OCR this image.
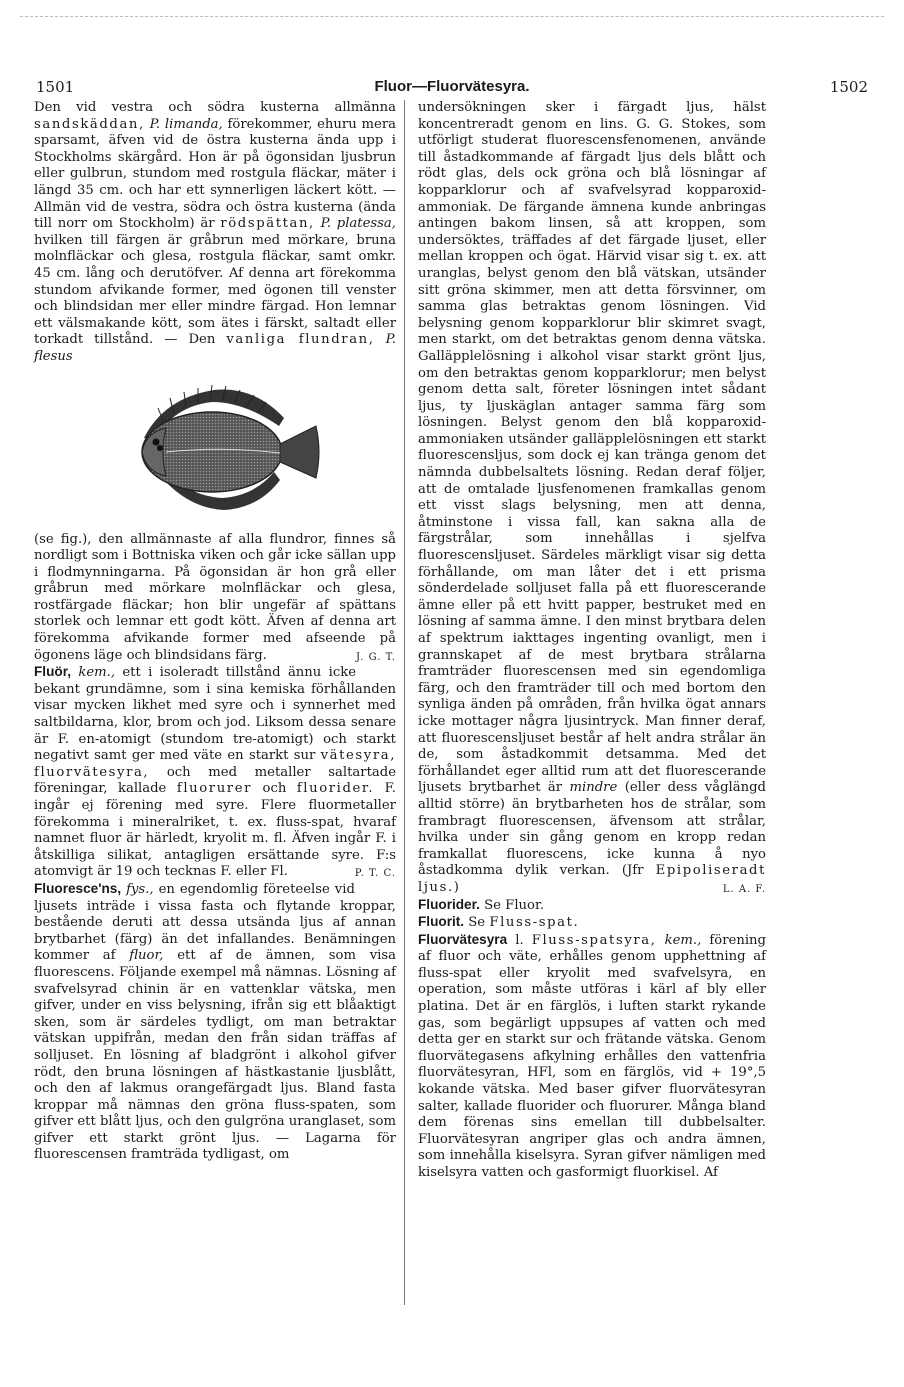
1501	Fluor—Fluorvätesyra.	1502

Den vid vestra och södra kusterna allmänna sandskäddan, P. limanda, förekommer, ehuru mera sparsamt, äfven vid de östra kusterna ända upp i Stockholms skärgård. Hon är på ögonsidan ljusbrun eller gulbrun, stundom med rostgula fläckar, mäter i längd 35 cm. och har ett synnerligen läckert kött. — Allmän vid de vestra, södra och östra kusterna (ända till norr om Stockholm) är rödspättan, P. platessa, hvilken till färgen är gråbrun med mörkare, bruna molnfläckar och glesa, rostgula fläckar, samt omkr. 45 cm. lång och derutöfver. Af denna art förekomma stundom afvikande former, med ögonen till venster och blindsidan mer eller mindre färgad. Hon lemnar ett välsmakande kött, som ätes i färskt, saltadt eller torkadt tillstånd. — Den vanliga flundran, P. flesus

(se fig.), den allmännaste af alla flundror, finnes så nordligt som i Bottniska viken och går icke sällan upp i flodmynningarna. På ögonsidan är hon grå eller gråbrun med mörkare molnfläckar och glesa, rostfärgade fläckar; hon blir ungefär af spättans storlek och lemnar ett godt kött. Äfven af denna art förekomma afvikande former med afseende på ögonens läge och blindsidans färg.	J. G. T.

Fluör, kem., ett i isoleradt tillstånd ännu icke bekant grundämne, som i sina kemiska förhållanden visar mycken likhet med syre och i synnerhet med saltbildarna, klor, brom och jod. Liksom dessa senare är F. en-atomigt (stundom tre-atomigt) och starkt negativt samt ger med väte en starkt sur vätesyra, fluorvätesyra, och med metaller saltartade föreningar, kallade fluorurer och fluorider. F. ingår ej förening med syre. Flere fluormetaller förekomma i mineralriket, t. ex. fluss-spat, hvaraf namnet fluor är härledt, kryolit m. fl. Äfven ingår F. i åtskilliga silikat, antagligen ersättande syre. F:s atomvigt är 19 och tecknas F. eller Fl.	P. T. C.

Fluoresce'ns, fys., en egendomlig företeelse vid ljusets inträde i vissa fasta och flytande kroppar, bestående deruti att dessa utsända ljus af annan brytbarhet (färg) än det infallandes. Benämningen kommer af fluor, ett af de ämnen, som visa fluorescens. Följande exempel må nämnas. Lösning af svafvelsyrad chinin är en vattenklar vätska, men gifver, under en viss belysning, ifrån sig ett blåaktigt sken, som är särdeles tydligt, om man betraktar vätskan uppifrån, medan den från sidan träffas af solljuset. En lösning af bladgrönt i alkohol gifver rödt, den bruna lösningen af hästkastanie ljusblått, och den af lakmus orangefärgadt ljus. Bland fasta kroppar må nämnas den gröna fluss-spaten, som gifver ett blått ljus, och den gulgröna uranglaset, som gifver ett starkt grönt ljus. — Lagarna för fluorescensen framträda tydligast, om

undersökningen sker i färgadt ljus, hälst koncentreradt genom en lins. G. G. Stokes, som utförligt studerat fluorescensfenomenen, använde till åstadkommande af färgadt ljus dels blått och rödt glas, dels ock gröna och blå lösningar af kopparklorur och af svafvelsyrad kopparoxid-ammoniak. De färgande ämnena kunde anbringas antingen bakom linsen, så att kroppen, som undersöktes, träffades af det färgade ljuset, eller mellan kroppen och ögat. Härvid visar sig t. ex. att uranglas, belyst genom den blå vätskan, utsänder sitt gröna skimmer, men att detta försvinner, om samma glas betraktas genom lösningen. Vid belysning genom kopparklorur blir skimret svagt, men starkt, om det betraktas genom denna vätska. Galläpplelösning i alkohol visar starkt grönt ljus, om den betraktas genom kopparklorur; men belyst genom detta salt, företer lösningen intet sådant ljus, ty ljuskäglan antager samma färg som lösningen. Belyst genom den blå kopparoxid-ammoniaken utsänder galläpplelösningen ett starkt fluorescensljus, som dock ej kan tränga genom det nämnda dubbelsaltets lösning. Redan deraf följer, att de omtalade ljusfenomenen framkallas genom ett visst slags belysning, men att denna, åtminstone i vissa fall, kan sakna alla de färgstrålar, som innehållas i sjelfva fluorescensljuset. Särdeles märkligt visar sig detta förhållande, om man låter det i ett prisma sönderdelade solljuset falla på ett fluorescerande ämne eller på ett hvitt papper, bestruket med en lösning af samma ämne. I den minst brytbara delen af spektrum iakttages ingenting ovanligt, men i grannskapet af de mest brytbara strålarna framträder fluorescensen med sin egendomliga färg, och den framträder till och med bortom den synliga änden på områden, från hvilka ögat annars icke mottager några ljusintryck. Man finner deraf, att fluorescensljuset består af helt andra strålar än de, som åstadkommit detsamma. Med det förhållandet eger alltid rum att det fluorescerande ljusets brytbarhet är mindre (eller dess våglängd alltid större) än brytbarheten hos de strålar, som frambragt fluorescensen, äfvensom att strålar, hvilka under sin gång genom en kropp redan framkallat fluorescens, icke kunna å nyo åstadkomma dylik verkan. (Jfr Epipoliseradt ljus.)	L. A. F.

Fluorider. Se Fluor.

Fluorit. Se Fluss-spat.

Fluorvätesyra l. Fluss-spatsyra, kem., förening af fluor och väte, erhålles genom upphettning af fluss-spat eller kryolit med svafvelsyra, en operation, som måste utföras i kärl af bly eller platina. Det är en färglös, i luften starkt rykande gas, som begärligt uppsupes af vatten och med detta ger en starkt sur och frätande vätska. Genom fluorvätegasens afkylning erhålles den vattenfria fluorvätesyran, HFl, som en färglös, vid + 19°,5 kokande vätska. Med baser gifver fluorvätesyran salter, kallade fluorider och fluorurer. Många bland dem förenas sins emellan till dubbelsalter. Fluorvätesyran angriper glas och andra ämnen, som innehålla kiselsyra. Syran gifver nämligen med kiselsyra vatten och gasformigt fluorkisel. Af
